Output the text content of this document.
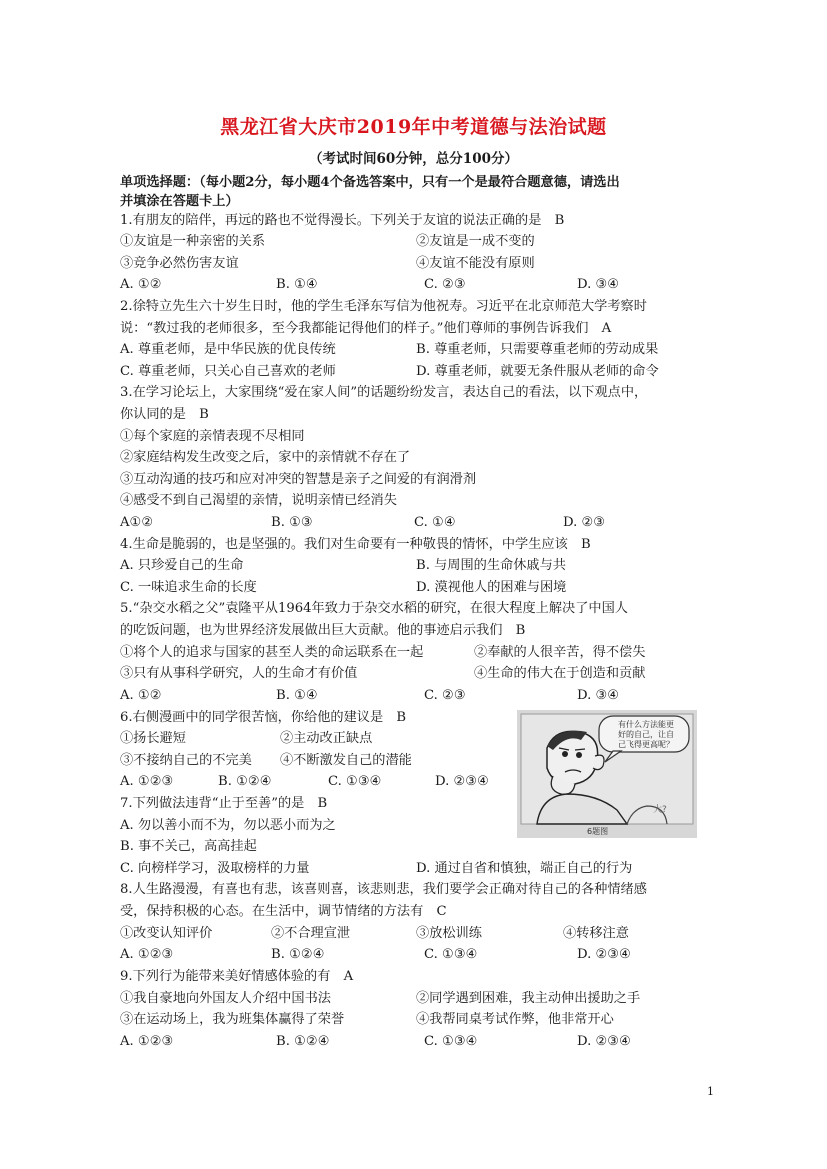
黑龙江省大庆市2019年中考道德与法治试题
（考试时间60分钟，总分100分）
单项选择题：（每小题2分，每小题4个备选答案中，只有一个是最符合题意德，请选出
并填涂在答题卡上）
1.有朋友的陪伴，再远的路也不觉得漫长。下列关于友谊的说法正确的是　B
①友谊是一种亲密的关系	②友谊是一成不变的
③竞争必然伤害友谊	④友谊不能没有原则
A. ①②	B. ①④	C. ②③	D. ③④
2.徐特立先生六十岁生日时，他的学生毛泽东写信为他祝寿。习近平在北京师范大学考察时
说：“教过我的老师很多，至今我都能记得他们的样子。”他们尊师的事例告诉我们　A
A. 尊重老师，是中华民族的优良传统	B. 尊重老师，只需要尊重老师的劳动成果
C. 尊重老师，只关心自己喜欢的老师	D. 尊重老师，就要无条件服从老师的命令
3.在学习论坛上，大家围绕“爱在家人间”的话题纷纷发言，表达自己的看法，以下观点中，
你认同的是　B
①每个家庭的亲情表现不尽相同
②家庭结构发生改变之后，家中的亲情就不存在了
③互动沟通的技巧和应对冲突的智慧是亲子之间爱的有润滑剂
④感受不到自己渴望的亲情，说明亲情已经消失
A①②	B. ①③	C. ①④	D. ②③
4.生命是脆弱的，也是坚强的。我们对生命要有一种敬畏的情怀，中学生应该　B
A. 只珍爱自己的生命	B. 与周围的生命休戚与共
C. 一味追求生命的长度	D. 漠视他人的困难与困境
5.“杂交水稻之父”袁隆平从1964年致力于杂交水稻的研究，在很大程度上解决了中国人
的吃饭问题，也为世界经济发展做出巨大贡献。他的事迹启示我们　B
①将个人的追求与国家的甚至人类的命运联系在一起	②奉献的人很辛苦，得不偿失
③只有从事科学研究，人的生命才有价值	④生命的伟大在于创造和贡献
A. ①②	B. ①④	C. ②③	D. ③④
6.右侧漫画中的同学很苦恼，你给他的建议是　B
①扬长避短	②主动改正缺点
③不接纳自己的不完美 ④不断激发自己的潜能
A. ①②③	B. ①②④	C. ①③④	D. ②③④
大?
有什么方法能更
好的自己，让自
己飞得更高呢？
6题图
7.下列做法违背“止于至善”的是　B
A. 勿以善小而不为，勿以恶小而为之
B. 事不关己，高高挂起
C. 向榜样学习，汲取榜样的力量	D. 通过自省和慎独，端正自己的行为
8.人生路漫漫，有喜也有悲，该喜则喜，该悲则悲，我们要学会正确对待自己的各种情绪感
受，保持积极的心态。在生活中，调节情绪的方法有　C
①改变认知评价	②不合理宣泄	③放松训练	④转移注意
A. ①②③	B. ①②④	C. ①③④	D. ②③④
9.下列行为能带来美好情感体验的有　A
①我自豪地向外国友人介绍中国书法	②同学遇到困难，我主动伸出援助之手
③在运动场上，我为班集体赢得了荣誉	④我帮同桌考试作弊，他非常开心
A. ①②③	B. ①②④	C. ①③④	D. ②③④
1
